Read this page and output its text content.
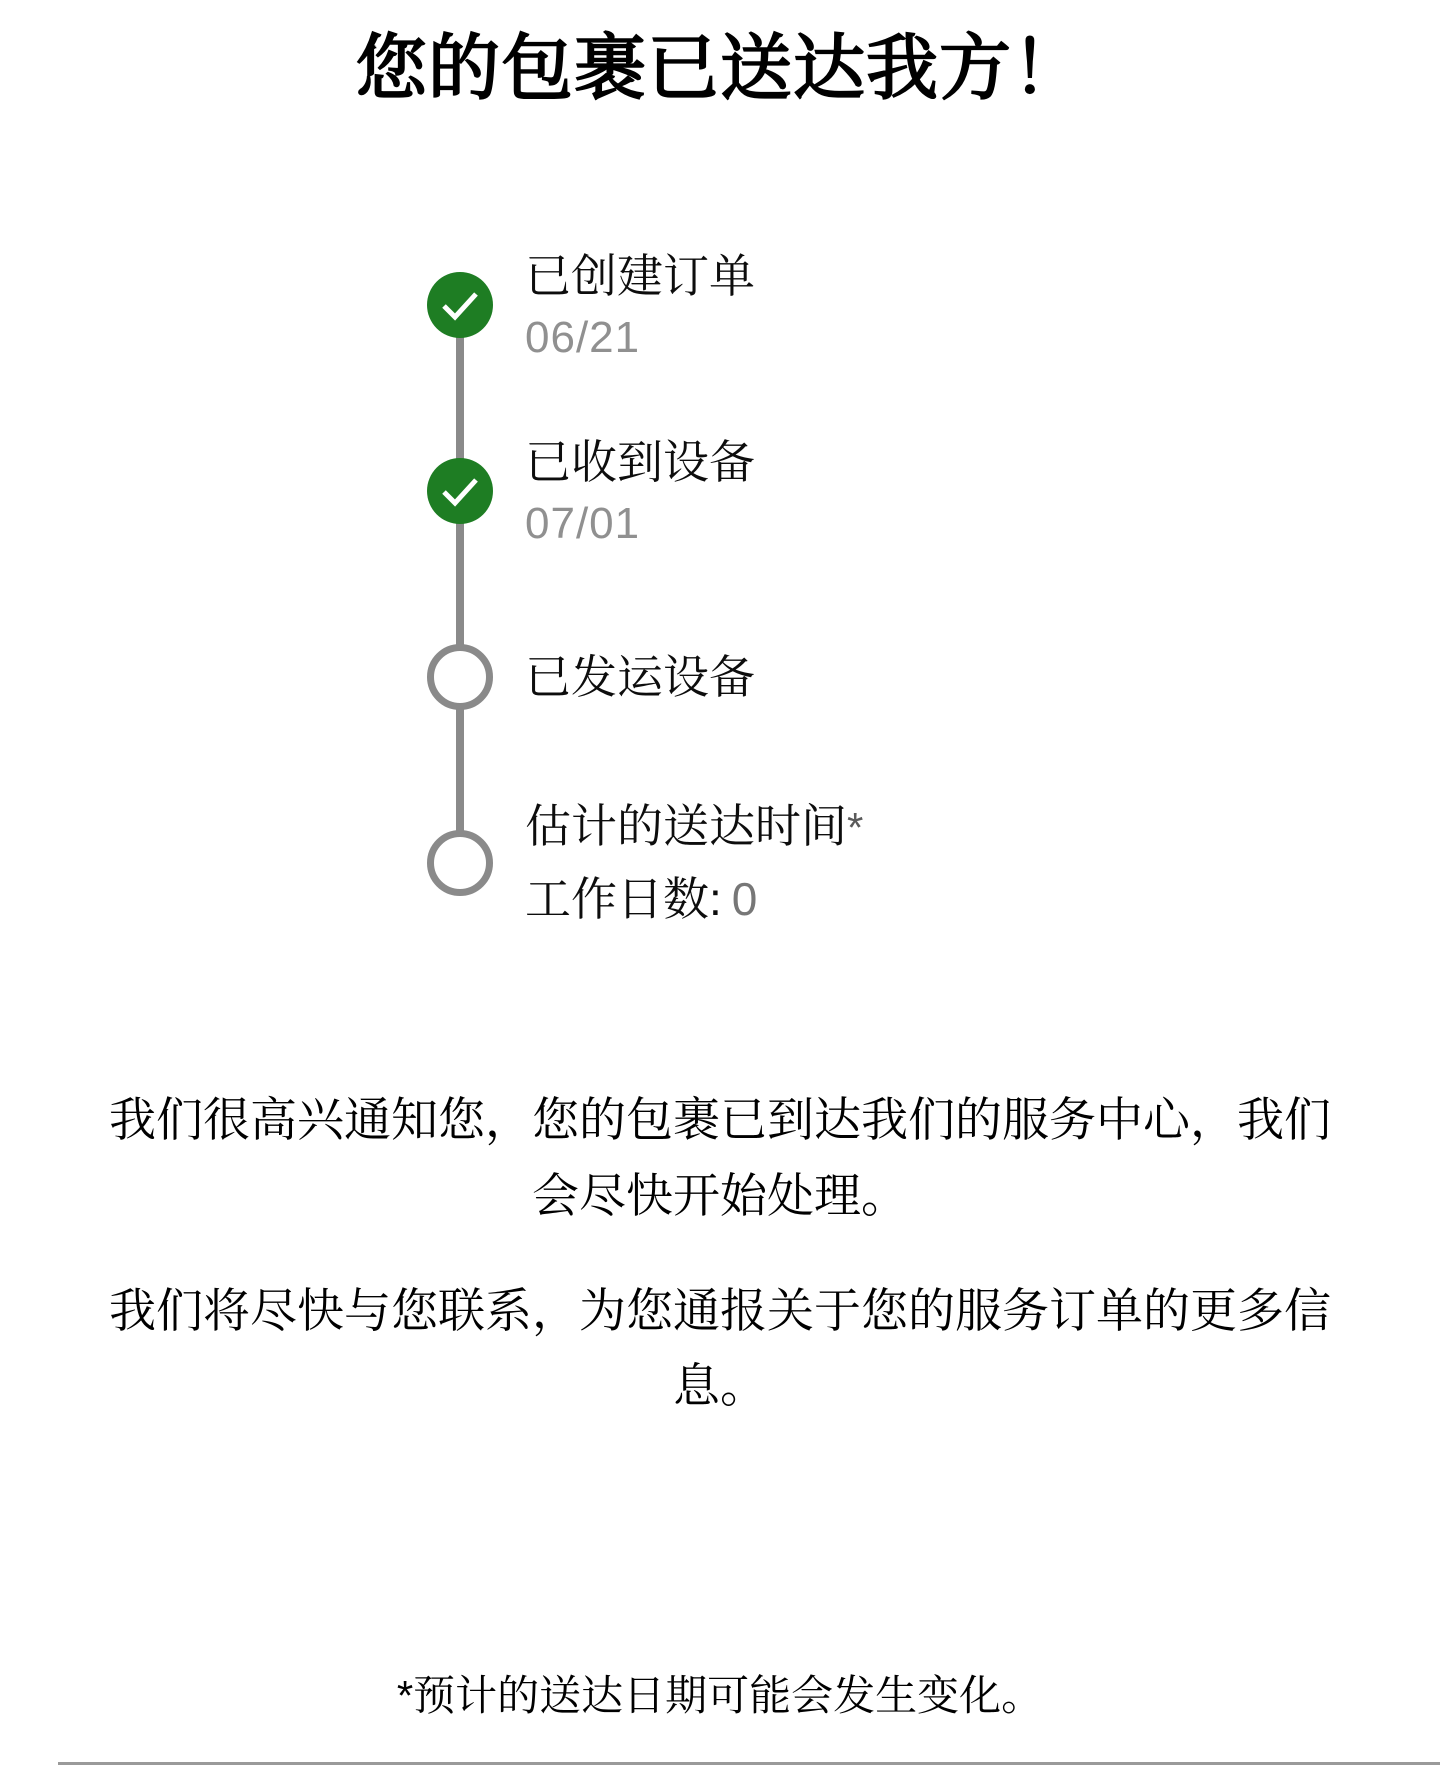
您的包裹已送达我方！
已创建订单
06/21
已收到设备
07/01
已发运设备
估计的送达时间*
工作日数: 0

我们很高兴通知您，您的包裹已到达我们的服务中心，我们会尽快开始处理。

我们将尽快与您联系，为您通报关于您的服务订单的更多信息。

*预计的送达日期可能会发生变化。
